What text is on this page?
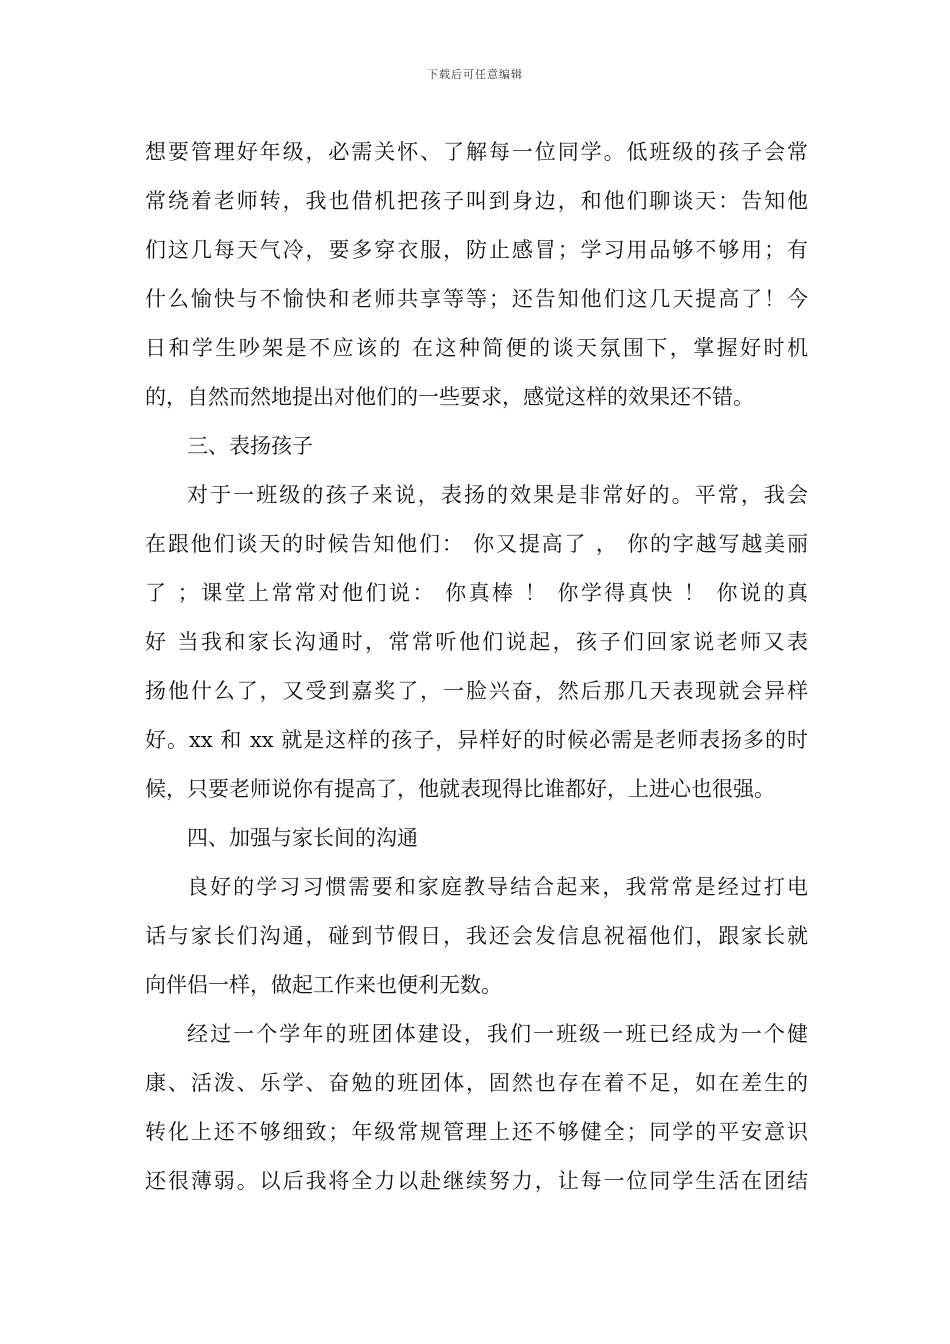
下载后可任意编辑
想要管理好年级，必需关怀、了解每一位同学。低班级的孩子会常
常绕着老师转，我也借机把孩子叫到身边，和他们聊谈天：告知他
们这几每天气冷，要多穿衣服，防止感冒；学习用品够不够用；有
什么愉快与不愉快和老师共享等等；还告知他们这几天提高了！今
日和学生吵架是不应该的 在这种简便的谈天氛围下，掌握好时机
的，自然而然地提出对他们的一些要求，感觉这样的效果还不错。
三、表扬孩子
对于一班级的孩子来说，表扬的效果是非常好的。平常，我会
在跟他们谈天的时候告知他们： 你又提高了 ， 你的字越写越美丽
了 ；课堂上常常对他们说： 你真棒 ！ 你学得真快 ！ 你说的真
好 当我和家长沟通时，常常听他们说起，孩子们回家说老师又表
扬他什么了，又受到嘉奖了，一脸兴奋，然后那几天表现就会异样
好。xx 和 xx 就是这样的孩子，异样好的时候必需是老师表扬多的时
候，只要老师说你有提高了，他就表现得比谁都好，上进心也很强。
四、加强与家长间的沟通
良好的学习习惯需要和家庭教导结合起来，我常常是经过打电
话与家长们沟通，碰到节假日，我还会发信息祝福他们，跟家长就
向伴侣一样，做起工作来也便利无数。
经过一个学年的班团体建设，我们一班级一班已经成为一个健
康、活泼、乐学、奋勉的班团体，固然也存在着不足，如在差生的
转化上还不够细致；年级常规管理上还不够健全；同学的平安意识
还很薄弱。以后我将全力以赴继续努力，让每一位同学生活在团结
